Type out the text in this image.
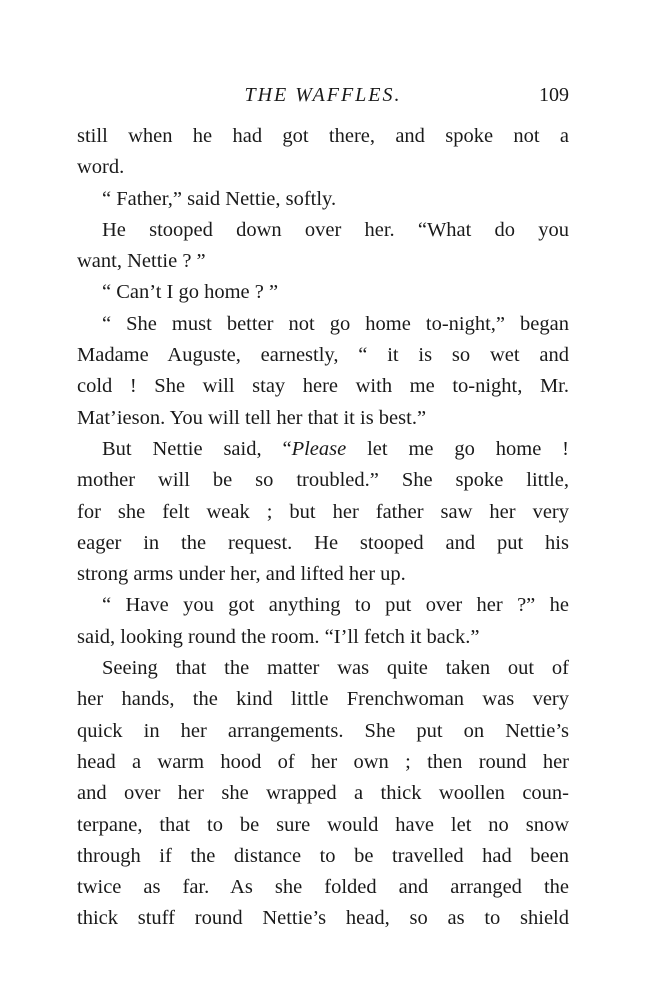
THE WAFFLES.	109
still when he had got there, and spoke not a
word.
“ Father,” said Nettie, softly.
He stooped down over her. “What do you
want, Nettie ? ”
“ Can’t I go home ? ”
“ She must better not go home to-night,” began
Madame Auguste, earnestly, “ it is so wet and
cold ! She will stay here with me to-night, Mr.
Mat’ieson. You will tell her that it is best.”
But Nettie said, “Please let me go home !
mother will be so troubled.” She spoke little,
for she felt weak ; but her father saw her very
eager in the request. He stooped and put his
strong arms under her, and lifted her up.
“ Have you got anything to put over her ?” he
said, looking round the room. “I’ll fetch it back.”
Seeing that the matter was quite taken out of
her hands, the kind little Frenchwoman was very
quick in her arrangements. She put on Nettie’s
head a warm hood of her own ; then round her
and over her she wrapped a thick woollen coun-
terpane, that to be sure would have let no snow
through if the distance to be travelled had been
twice as far. As she folded and arranged the
thick stuff round Nettie’s head, so as to shield
